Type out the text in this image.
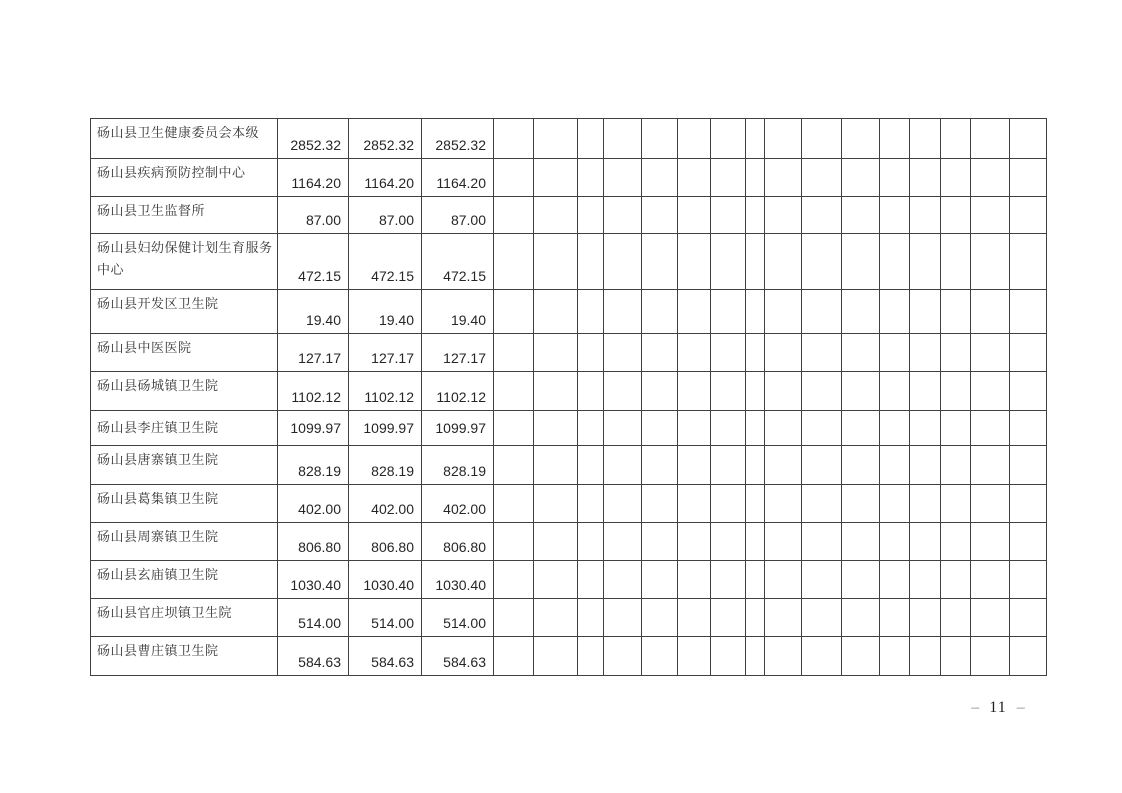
砀山县卫生健康委员会本级
2852.32	2852.32	2852.32
砀山县疾病预防控制中心
1164.20	1164.20	1164.20
砀山县卫生监督所
87.00	87.00	87.00
砀山县妇幼保健计划生育服务中心	472.15	472.15	472.15
砀山县开发区卫生院
19.40	19.40	19.40
砀山县中医医院
127.17	127.17	127.17
砀山县砀城镇卫生院
1102.12	1102.12	1102.12
砀山县李庄镇卫生院	1099.97	1099.97	1099.97
砀山县唐寨镇卫生院
828.19	828.19	828.19
砀山县葛集镇卫生院
402.00	402.00	402.00
砀山县周寨镇卫生院
806.80	806.80	806.80
砀山县玄庙镇卫生院
1030.40	1030.40	1030.40
砀山县官庄坝镇卫生院
514.00	514.00	514.00
砀山县曹庄镇卫生院
584.63	584.63	584.63
– 11 –
